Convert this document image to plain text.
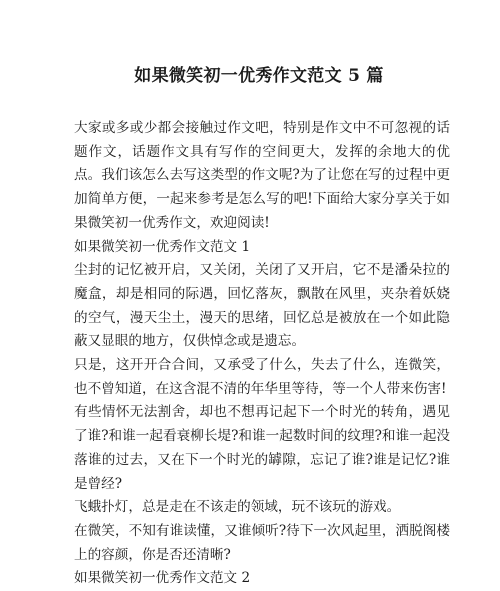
如果微笑初一优秀作文范文 5 篇

大家或多或少都会接触过作文吧，特别是作文中不可忽视的话题作文，话题作文具有写作的空间更大，发挥的余地大的优点。我们该怎么去写这类型的作文呢?为了让您在写的过程中更加简单方便，一起来参考是怎么写的吧!下面给大家分享关于如果微笑初一优秀作文，欢迎阅读!

如果微笑初一优秀作文范文 1

尘封的记忆被开启，又关闭，关闭了又开启，它不是潘朵拉的魔盒，却是相同的际遇，回忆落灰，飘散在风里，夹杂着妖娆的空气，漫天尘土，漫天的思绪，回忆总是被放在一个如此隐蔽又显眼的地方，仅供悼念或是遗忘。

只是，这开开合合间，又承受了什么，失去了什么，连微笑，也不曾知道，在这含混不清的年华里等待，等一个人带来伤害!

有些情怀无法割舍，却也不想再记起下一个时光的转角，遇见了谁?和谁一起看衰柳长堤?和谁一起数时间的纹理?和谁一起没落谁的过去，又在下一个时光的罅隙，忘记了谁?谁是记忆?谁是曾经?

飞蛾扑灯，总是走在不该走的领域，玩不该玩的游戏。

在微笑，不知有谁读懂，又谁倾听?待下一次风起里，洒脱阁楼上的容颜，你是否还清晰?

如果微笑初一优秀作文范文 2
